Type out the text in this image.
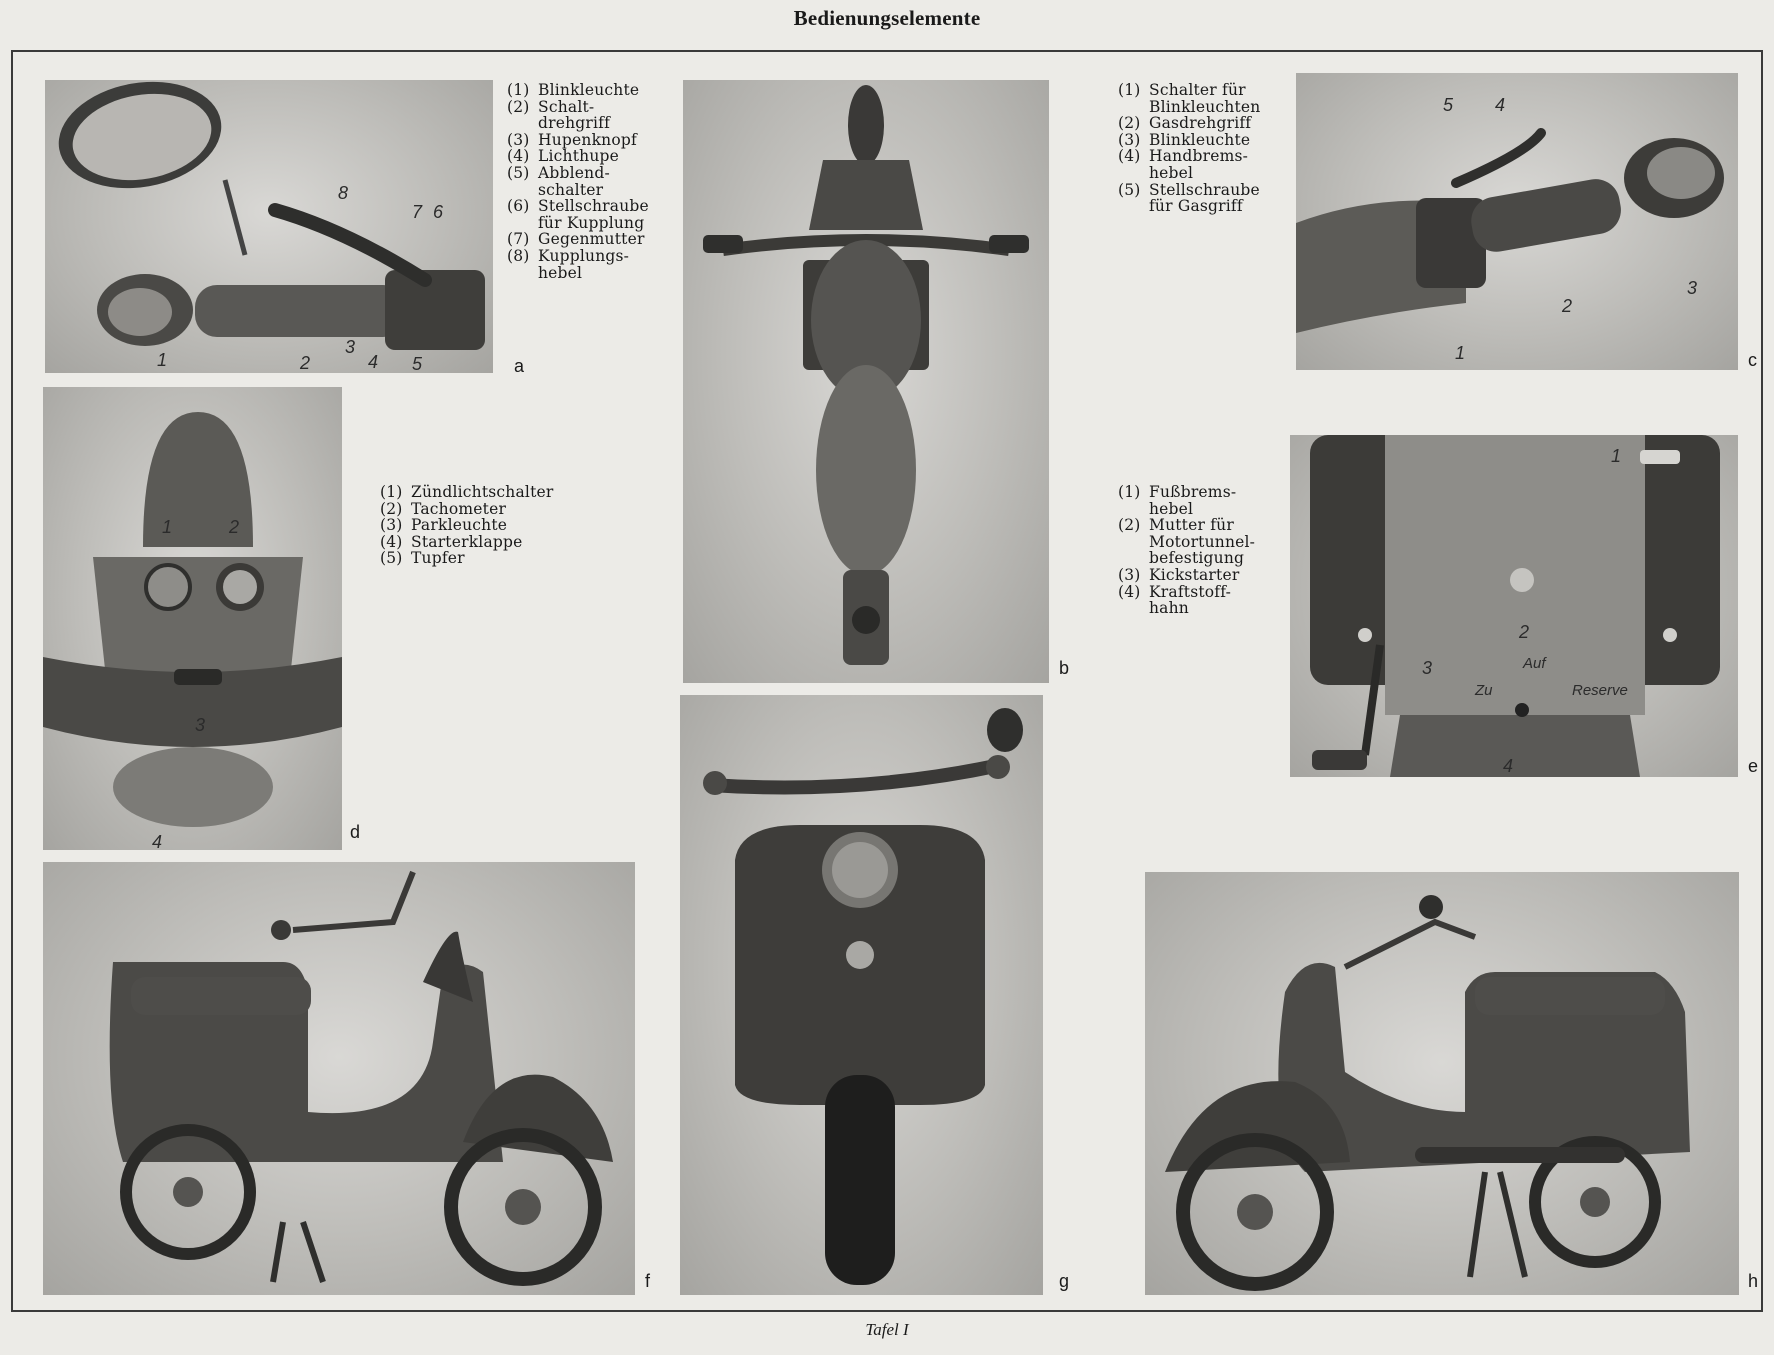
Bedienungselemente
8
7 6
1	2
3
4 5	a
(1) Blinkleuchte
(2) Schalt-
drehgriff
(3) Hupenknopf
(4) Lichthupe
(5) Abblend-
schalter
(6) Stellschraube
für Kupplung
(7) Gegenmutter
(8) Kupplungs-
hebel
b
(1) Schalter für
Blinkleuchten
(2) Gasdrehgriff
(3) Blinkleuchte
(4) Handbrems-
hebel
(5) Stellschraube
für Gasgriff
5 4
1
2
3
c
1	2
3
4	d
(1) Zündlichtschalter
(2) Tachometer
(3) Parkleuchte
(4) Starterklappe
(5) Tupfer
(1) Fußbrems-
hebel
(2) Mutter für
Motortunnel-
befestigung
(3) Kickstarter
(4) Kraftstoff-
hahn
1
2
3
4
Zu
Auf
Reserve
e
g
f	h
Tafel I
